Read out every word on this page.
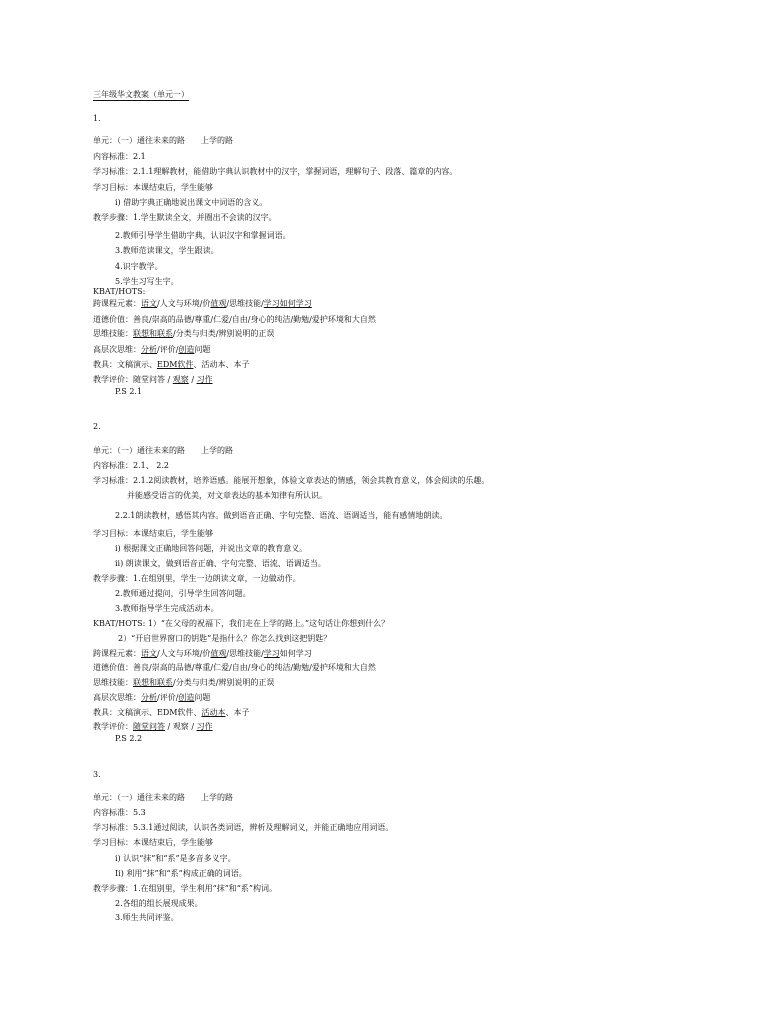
三年级华文教案（单元一）
1.
单元：（一）通往未来的路　　上学的路
内容标准：2.1
学习标准：2.1.1理解教材，能借助字典认识教材中的汉字，掌握词语，理解句子、段落、篇章的内容。
学习目标：本课结束后，学生能够
i) 借助字典正确地说出课文中词语的含义。
教学步骤：1.学生默读全文，并圈出不会读的汉字。
2.教师引导学生借助字典，认识汉字和掌握词语。
3.教师范读课文，学生跟读。
4.识字教学。
5.学生习写生字。
KBAT/HOTS:
跨课程元素：语文/人文与环境/价值观/思维技能/学习如何学习
道德价值：善良/崇高的品德/尊重/仁爱/自由/身心的纯洁/勤勉/爱护环境和大自然
思维技能：联想和联系/分类与归类/辨别说明的正误
高层次思维：分析/评价/创造问题
教具：文稿演示、EDM软件、活动本、本子
教学评价：随堂问答 / 观察 / 习作
P.S 2.1
2.
单元：（一）通往未来的路　　上学的路
内容标准：2.1、 2.2
学习标准：2.1.2阅读教材，培养语感。能展开想象，体验文章表达的情感，领会其教育意义，体会阅读的乐趣。
并能感受语言的优美，对文章表达的基本知律有所认识。
2.2.1朗读教材，感悟其内容。做到语音正确、字句完整、语流、语调适当，能有感情地朗读。
学习目标：本课结束后，学生能够
i) 根据课文正确地回答问题，并说出文章的教育意义。
ii) 朗读课文，做到语音正确、字句完整、语流、语调适当。
教学步骤：1.在组别里，学生一边朗读文章，一边做动作。
2.教师通过提问，引导学生回答问题。
3.教师指导学生完成活动本。
KBAT/HOTS: 1）“在父母的祝福下，我们走在上学的路上。”这句话让你想到什么？
2）“开启世界窗口的钥匙”是指什么？你怎么找到这把钥匙？
跨课程元素：语文/人文与环境/价值观/思维技能/学习如何学习
道德价值：善良/崇高的品德/尊重/仁爱/自由/身心的纯洁/勤勉/爱护环境和大自然
思维技能：联想和联系/分类与归类/辨别说明的正误
高层次思维：分析/评价/创造问题
教具：文稿演示、EDM软件、活动本、本子
教学评价：随堂问答 / 观察 / 习作
P.S 2.2
3.
单元：（一）通往未来的路　　上学的路
内容标准：5.3
学习标准：5.3.1通过阅读，认识各类词语，辨析及理解词义，并能正确地应用词语。
学习目标：本课结束后，学生能够
i) 认识“抹”和“系”是多音多义字。
Ii) 利用“抹”和“系”构成正确的词语。
教学步骤：1.在组别里，学生利用“抹”和“系”构词。
2.各组的组长展现成果。
3.师生共同评鉴。
